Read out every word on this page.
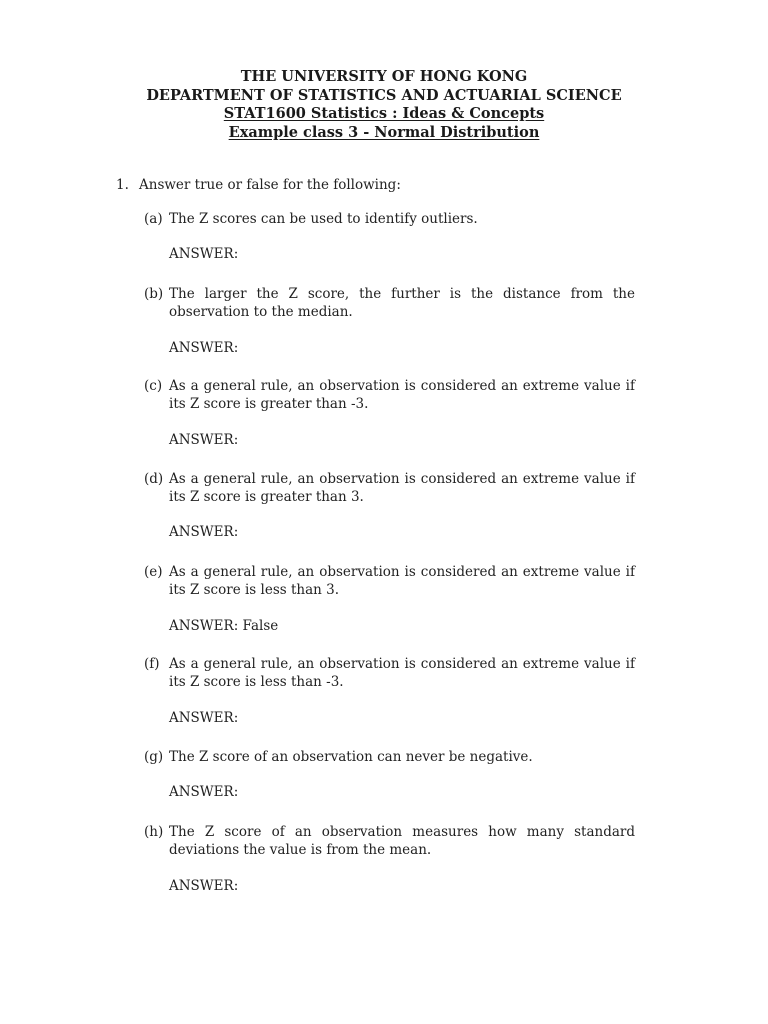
THE UNIVERSITY OF HONG KONG
DEPARTMENT OF STATISTICS AND ACTUARIAL SCIENCE
STAT1600 Statistics : Ideas & Concepts
Example class 3 - Normal Distribution
1. Answer true or false for the following:
(a) The Z scores can be used to identify outliers.
ANSWER:
(b) The larger the Z score, the further is the distance from the observation to the median.
ANSWER:
(c) As a general rule, an observation is considered an extreme value if its Z score is greater than -3.
ANSWER:
(d) As a general rule, an observation is considered an extreme value if its Z score is greater than 3.
ANSWER:
(e) As a general rule, an observation is considered an extreme value if its Z score is less than 3.
ANSWER: False
(f) As a general rule, an observation is considered an extreme value if its Z score is less than -3.
ANSWER:
(g) The Z score of an observation can never be negative.
ANSWER:
(h) The Z score of an observation measures how many standard deviations the value is from the mean.
ANSWER:
